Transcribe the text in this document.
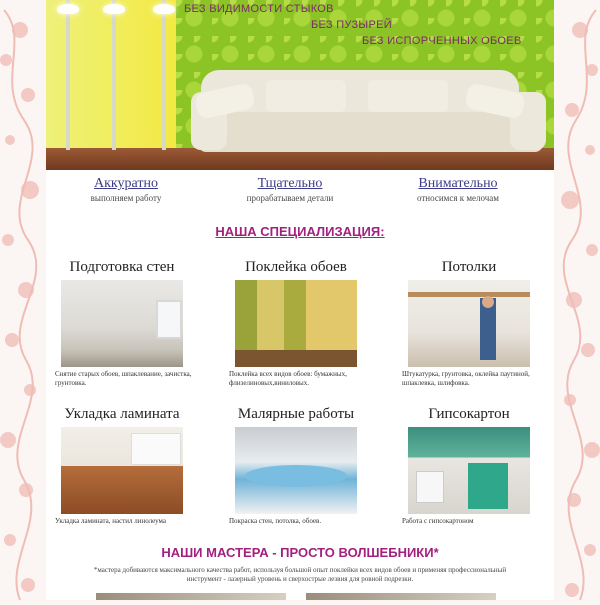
БЕЗ ВИДИМОСТИ СТЫКОВ
БЕЗ ПУЗЫРЕЙ
БЕЗ ИСПОРЧЕННЫХ ОБОЕВ
Аккуратно
выполняем работу
Тщательно
прорабатываем детали
Внимательно
относимся к мелочам
НАША СПЕЦИАЛИЗАЦИЯ:
Подготовка стен
Снятие старых обоев, шпаклевание, зачистка, грунтовка.
Поклейка обоев
Поклейка всех видов обоев: бумажных, флизелиновых,виниловых.
Потолки
Штукатурка, грунтовка, оклейка паутиной, шпаклевка, шлифовка.
Укладка ламината
Укладка ламината, настил линолеума
Малярные работы
Покраска стен, потолка, обоев.
Гипсокартон
Работа с гипсокартоном
НАШИ МАСТЕРА - ПРОСТО ВОЛШЕБНИКИ*
*мастера добиваются максимального качества работ, используя большой опыт поклейки всех видов обоев и применяя профессиональный инструмент - лазерный уровень и сверхострые лезвия для ровной подрезки.
